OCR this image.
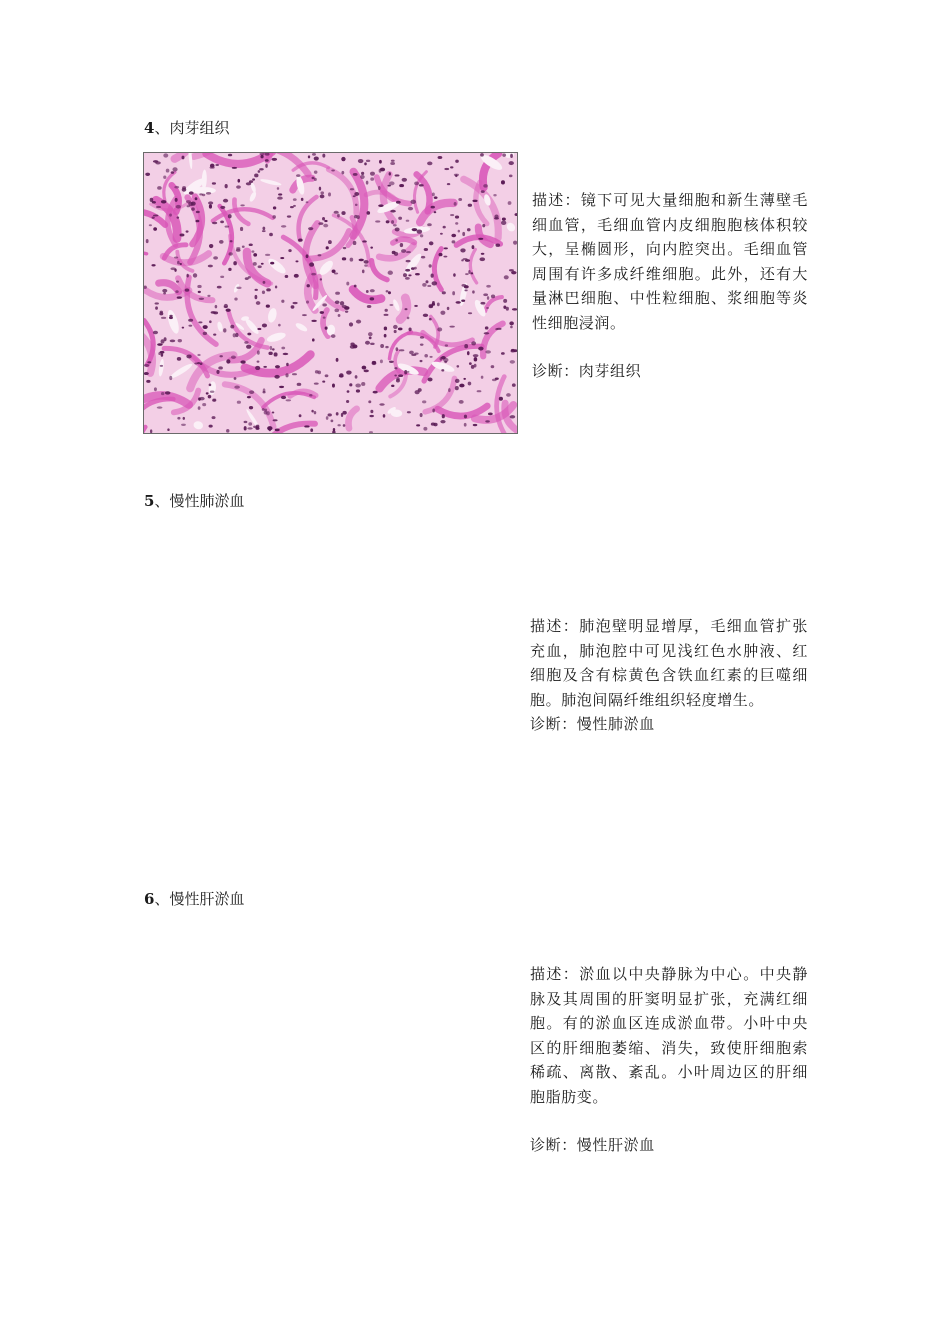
4、肉芽组织

描述：镜下可见大量细胞和新生薄壁毛细血管，毛细血管内皮细胞胞核体积较大，呈椭圆形，向内腔突出。毛细血管周围有许多成纤维细胞。此外，还有大量淋巴细胞、中性粒细胞、浆细胞等炎性细胞浸润。

诊断：肉芽组织

5、慢性肺淤血

描述：肺泡壁明显增厚，毛细血管扩张充血，肺泡腔中可见浅红色水肿液、红细胞及含有棕黄色含铁血红素的巨噬细胞。肺泡间隔纤维组织轻度增生。

诊断：慢性肺淤血

6、慢性肝淤血

描述：淤血以中央静脉为中心。中央静脉及其周围的肝窦明显扩张，充满红细胞。有的淤血区连成淤血带。小叶中央区的肝细胞萎缩、消失，致使肝细胞索稀疏、离散、紊乱。小叶周边区的肝细胞脂肪变。

诊断：慢性肝淤血
